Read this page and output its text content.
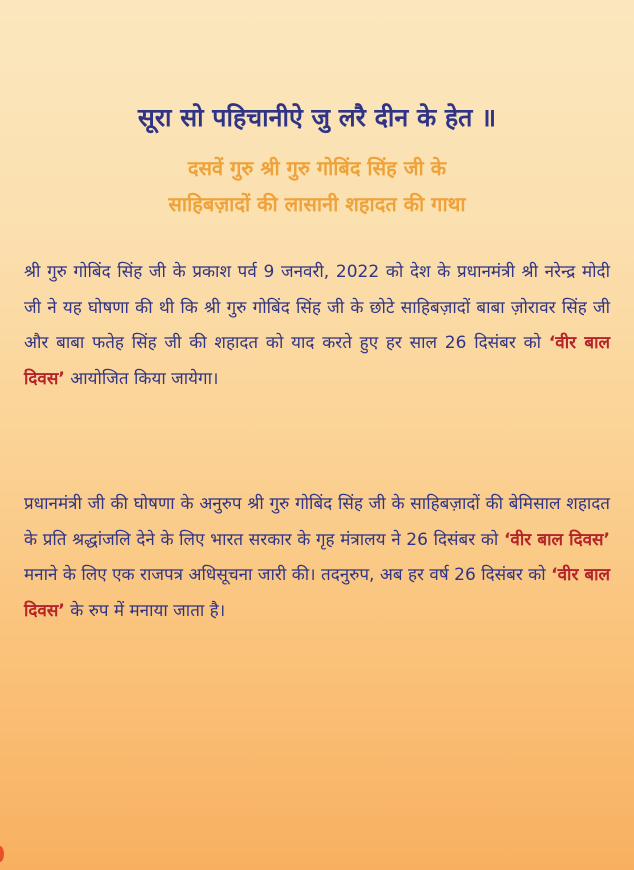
सूरा सो पहिचानीऐ जु लरै दीन के हेत ॥
दसवें गुरु श्री गुरु गोबिंद सिंह जी के
साहिबज़ादों की लासानी शहादत की गाथा
श्री गुरु गोबिंद सिंह जी के प्रकाश पर्व 9 जनवरी, 2022 को देश के प्रधानमंत्री श्री नरेन्द्र मोदी जी ने यह घोषणा की थी कि श्री गुरु गोबिंद सिंह जी के छोटे साहिबज़ादों बाबा ज़ोरावर सिंह जी और बाबा फतेह सिंह जी की शहादत को याद करते हुए हर साल 26 दिसंबर को ‘वीर बाल दिवस’ आयोजित किया जायेगा।
प्रधानमंत्री जी की घोषणा के अनुरुप श्री गुरु गोबिंद सिंह जी के साहिबज़ादों की बेमिसाल शहादत के प्रति श्रद्धांजलि देने के लिए भारत सरकार के गृह मंत्रालय ने 26 दिसंबर को ‘वीर बाल दिवस’ मनाने के लिए एक राजपत्र अधिसूचना जारी की। तदनुरुप, अब हर वर्ष 26 दिसंबर को ‘वीर बाल दिवस’ के रुप में मनाया जाता है।
